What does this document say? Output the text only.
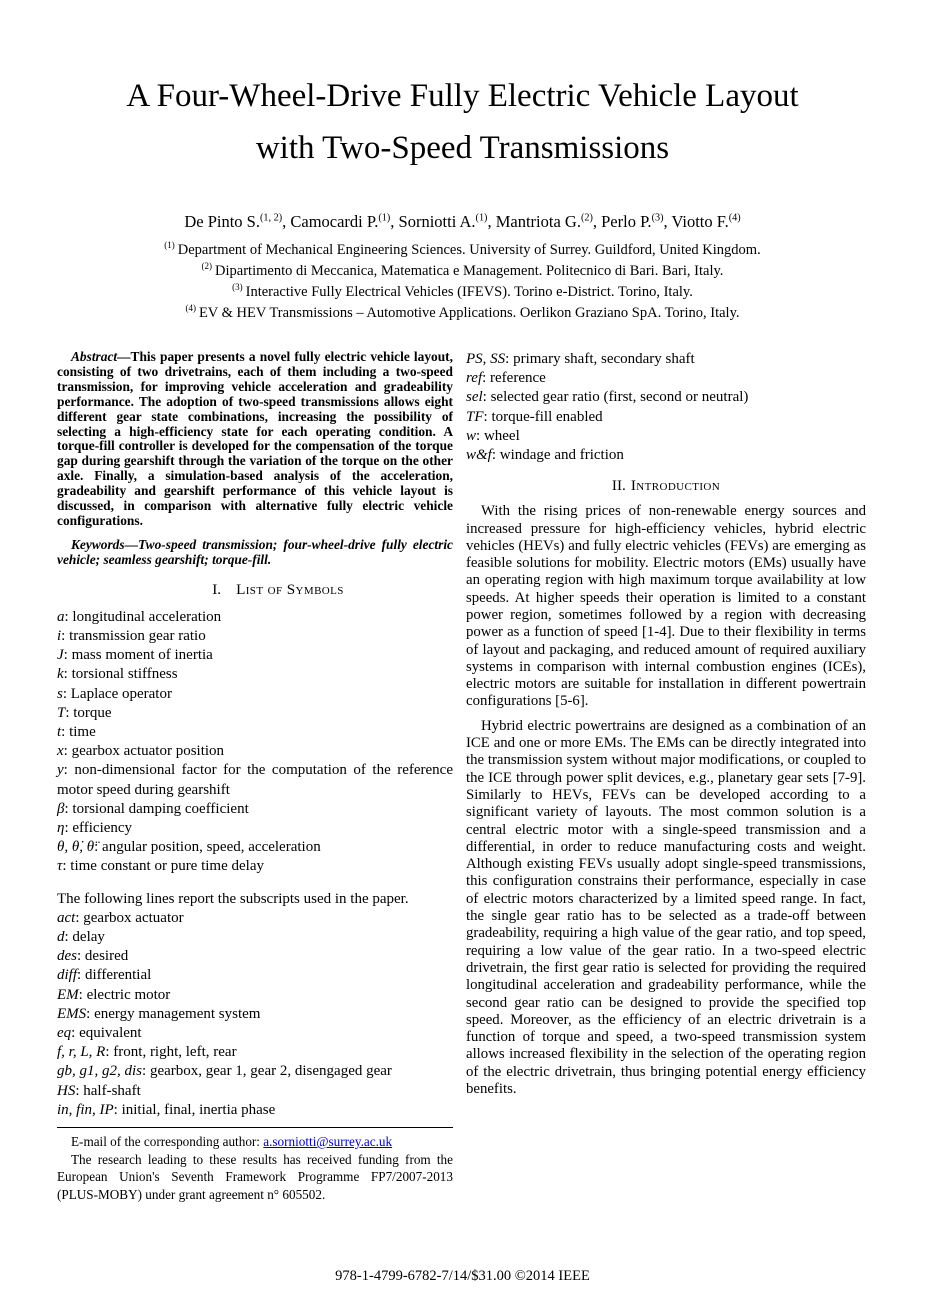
A Four-Wheel-Drive Fully Electric Vehicle Layout
with Two-Speed Transmissions
De Pinto S.$^{(1, 2)}$, Camocardi P.$^{(1)}$, Sorniotti A.$^{(1)}$, Mantriota G.$^{(2)}$, Perlo P.$^{(3)}$, Viotto F.$^{(4)}$
$^{(1)}$ Department of Mechanical Engineering Sciences. University of Surrey. Guildford, United Kingdom.
$^{(2)}$ Dipartimento di Meccanica, Matematica e Management. Politecnico di Bari. Bari, Italy.
$^{(3)}$ Interactive Fully Electrical Vehicles (IFEVS). Torino e-District. Torino, Italy.
$^{(4)}$ EV & HEV Transmissions – Automotive Applications. Oerlikon Graziano SpA. Torino, Italy.

Abstract—This paper presents a novel fully electric vehicle layout, consisting of two drivetrains, each of them including a two-speed transmission, for improving vehicle acceleration and gradeability performance. The adoption of two-speed transmissions allows eight different gear state combinations, increasing the possibility of selecting a high-efficiency state for each operating condition. A torque-fill controller is developed for the compensation of the torque gap during gearshift through the variation of the torque on the other axle. Finally, a simulation-based analysis of the acceleration, gradeability and gearshift performance of this vehicle layout is discussed, in comparison with alternative fully electric vehicle configurations.

Keywords—Two-speed transmission; four-wheel-drive fully electric vehicle; seamless gearshift; torque-fill.

I. List of Symbols

a: longitudinal acceleration

i: transmission gear ratio

J: mass moment of inertia

k: torsional stiffness

s: Laplace operator

T: torque

t: time

x: gearbox actuator position

y: non-dimensional factor for the computation of the reference motor speed during gearshift

β: torsional damping coefficient

η: efficiency

θ, θ̇, θ̈: angular position, speed, acceleration

τ: time constant or pure time delay

The following lines report the subscripts used in the paper.

act: gearbox actuator

d: delay

des: desired

diff: differential

EM: electric motor

EMS: energy management system

eq: equivalent

f, r, L, R: front, right, left, rear

gb, g1, g2, dis: gearbox, gear 1, gear 2, disengaged gear

HS: half-shaft

in, fin, IP: initial, final, inertia phase

E-mail of the corresponding author: a.sorniotti@surrey.ac.uk

The research leading to these results has received funding from the European Union's Seventh Framework Programme FP7/2007-2013 (PLUS-MOBY) under grant agreement n° 605502.

PS, SS: primary shaft, secondary shaft

ref: reference

sel: selected gear ratio (first, second or neutral)

TF: torque-fill enabled

w: wheel

w&f: windage and friction

II. Introduction

With the rising prices of non-renewable energy sources and increased pressure for high-efficiency vehicles, hybrid electric vehicles (HEVs) and fully electric vehicles (FEVs) are emerging as feasible solutions for mobility. Electric motors (EMs) usually have an operating region with high maximum torque availability at low speeds. At higher speeds their operation is limited to a constant power region, sometimes followed by a region with decreasing power as a function of speed [1-4]. Due to their flexibility in terms of layout and packaging, and reduced amount of required auxiliary systems in comparison with internal combustion engines (ICEs), electric motors are suitable for installation in different powertrain configurations [5-6].

Hybrid electric powertrains are designed as a combination of an ICE and one or more EMs. The EMs can be directly integrated into the transmission system without major modifications, or coupled to the ICE through power split devices, e.g., planetary gear sets [7-9]. Similarly to HEVs, FEVs can be developed according to a significant variety of layouts. The most common solution is a central electric motor with a single-speed transmission and a differential, in order to reduce manufacturing costs and weight. Although existing FEVs usually adopt single-speed transmissions, this configuration constrains their performance, especially in case of electric motors characterized by a limited speed range. In fact, the single gear ratio has to be selected as a trade-off between gradeability, requiring a high value of the gear ratio, and top speed, requiring a low value of the gear ratio. In a two-speed electric drivetrain, the first gear ratio is selected for providing the required longitudinal acceleration and gradeability performance, while the second gear ratio can be designed to provide the specified top speed. Moreover, as the efficiency of an electric drivetrain is a function of torque and speed, a two-speed transmission system allows increased flexibility in the selection of the operating region of the electric drivetrain, thus bringing potential energy efficiency benefits.

978-1-4799-6782-7/14/$31.00 ©2014 IEEE
